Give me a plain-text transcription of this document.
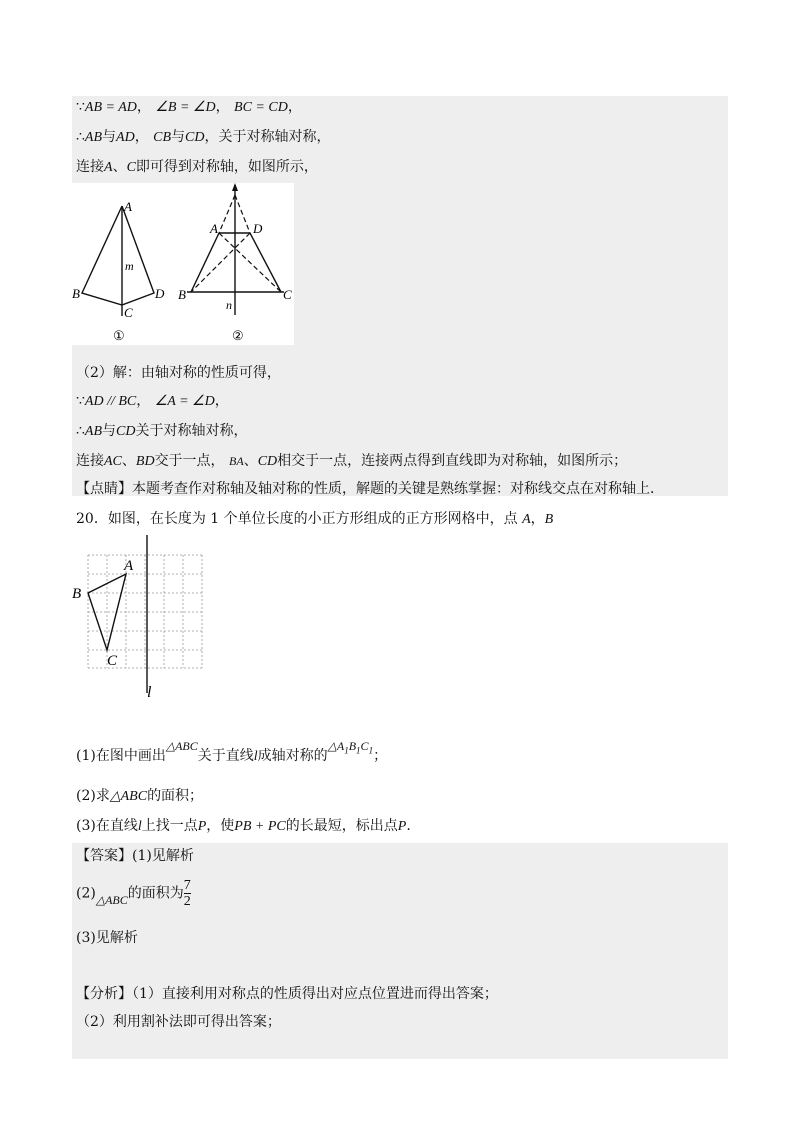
∵AB = AD， ∠B = ∠D， BC = CD，
∴AB与AD， CB与CD，关于对称轴对称，
连接A、C即可得到对称轴，如图所示，
A
B
C
D
m
①
A	D
B	C
n
②
（2）解：由轴对称的性质可得，
∵AD // BC， ∠A = ∠D，
∴AB与CD关于对称轴对称，
连接AC、BD交于一点， BA、CD相交于一点，连接两点得到直线即为对称轴，如图所示；
【点睛】本题考查作对称轴及轴对称的性质，解题的关键是熟练掌握：对称线交点在对称轴上．
20．如图，在长度为 1 个单位长度的小正方形组成的正方形网格中，点 A，B
A
B
C
l
(1)在图中画出△ABC关于直线l成轴对称的$\triangle A_1B_1C_1$；
(2)求△ABC的面积；
(3)在直线l上找一点P，使PB + PC的长最短，标出点P.
【答案】(1)见解析
(2)△ABC的面积为 $\frac{7}{2}$
(3)见解析
【分析】（1）直接利用对称点的性质得出对应点位置进而得出答案；
（2）利用割补法即可得出答案；
